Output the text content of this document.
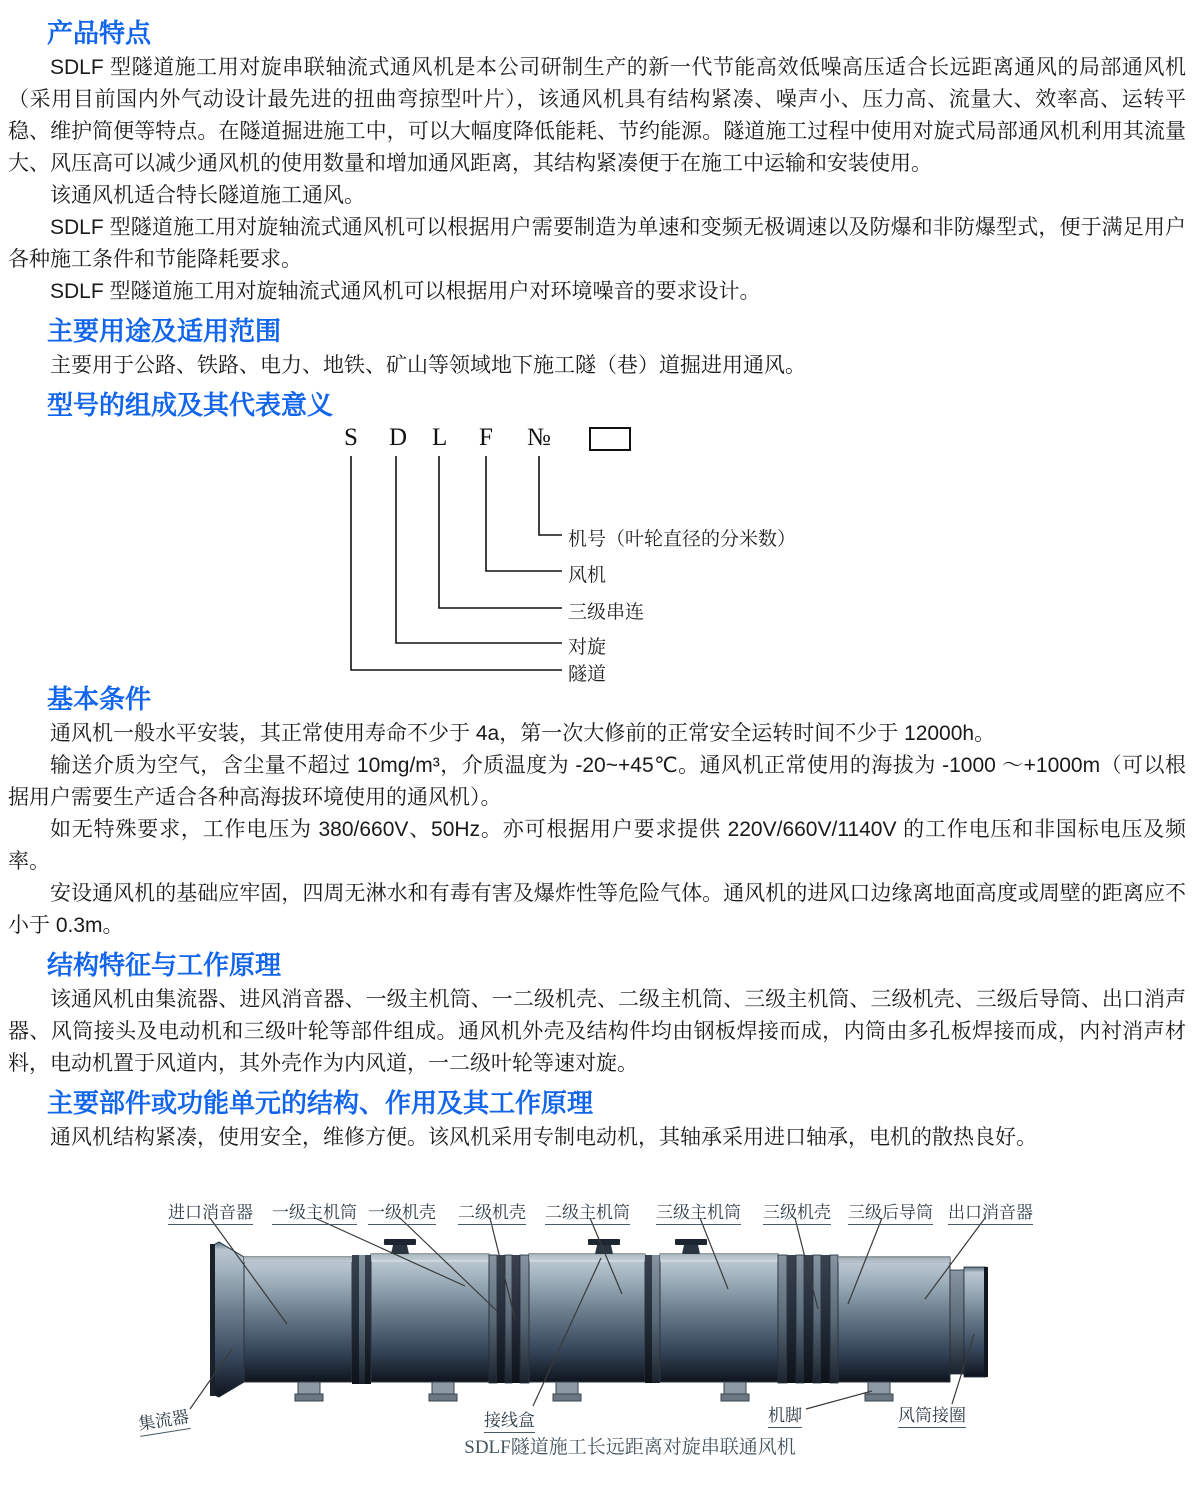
产品特点

SDLF 型隧道施工用对旋串联轴流式通风机是本公司研制生产的新一代节能高效低噪高压适合长远距离通风的局部通风机（采用目前国内外气动设计最先进的扭曲弯掠型叶片），该通风机具有结构紧凑、噪声小、压力高、流量大、效率高、运转平稳、维护简便等特点。在隧道掘进施工中，可以大幅度降低能耗、节约能源。隧道施工过程中使用对旋式局部通风机利用其流量大、风压高可以减少通风机的使用数量和增加通风距离，其结构紧凑便于在施工中运输和安装使用。

该通风机适合特长隧道施工通风。

SDLF 型隧道施工用对旋轴流式通风机可以根据用户需要制造为单速和变频无极调速以及防爆和非防爆型式，便于满足用户各种施工条件和节能降耗要求。

SDLF 型隧道施工用对旋轴流式通风机可以根据用户对环境噪音的要求设计。

主要用途及适用范围

主要用于公路、铁路、电力、地铁、矿山等领域地下施工隧（巷）道掘进用通风。

型号的组成及其代表意义
S D L F №
机号（叶轮直径的分米数）
风机
三级串连
对旋
隧道
基本条件

通风机一般水平安装，其正常使用寿命不少于 4a，第一次大修前的正常安全运转时间不少于 12000h。

输送介质为空气，含尘量不超过 10mg/m³，介质温度为 -20~+45℃。通风机正常使用的海拔为 -1000 ～+1000m（可以根据用户需要生产适合各种高海拔环境使用的通风机）。

如无特殊要求，工作电压为 380/660V、50Hz。亦可根据用户要求提供 220V/660V/1140V 的工作电压和非国标电压及频率。

安设通风机的基础应牢固，四周无淋水和有毒有害及爆炸性等危险气体。通风机的进风口边缘离地面高度或周壁的距离应不小于 0.3m。

结构特征与工作原理

该通风机由集流器、进风消音器、一级主机筒、一二级机壳、二级主机筒、三级主机筒、三级机壳、三级后导筒、出口消声器、风筒接头及电动机和三级叶轮等部件组成。通风机外壳及结构件均由钢板焊接而成，内筒由多孔板焊接而成，内衬消声材料，电动机置于风道内，其外壳作为内风道，一二级叶轮等速对旋。

主要部件或功能单元的结构、作用及其工作原理

通风机结构紧凑，使用安全，维修方便。该风机采用专制电动机，其轴承采用进口轴承，电机的散热良好。

进口消音器 一级主机筒 一级机壳 二级机壳 二级主机筒 三级主机筒 三级机壳 三级后导筒 出口消音器
集流器	接线盒	机脚	风筒接圈
SDLF隧道施工长远距离对旋串联通风机
